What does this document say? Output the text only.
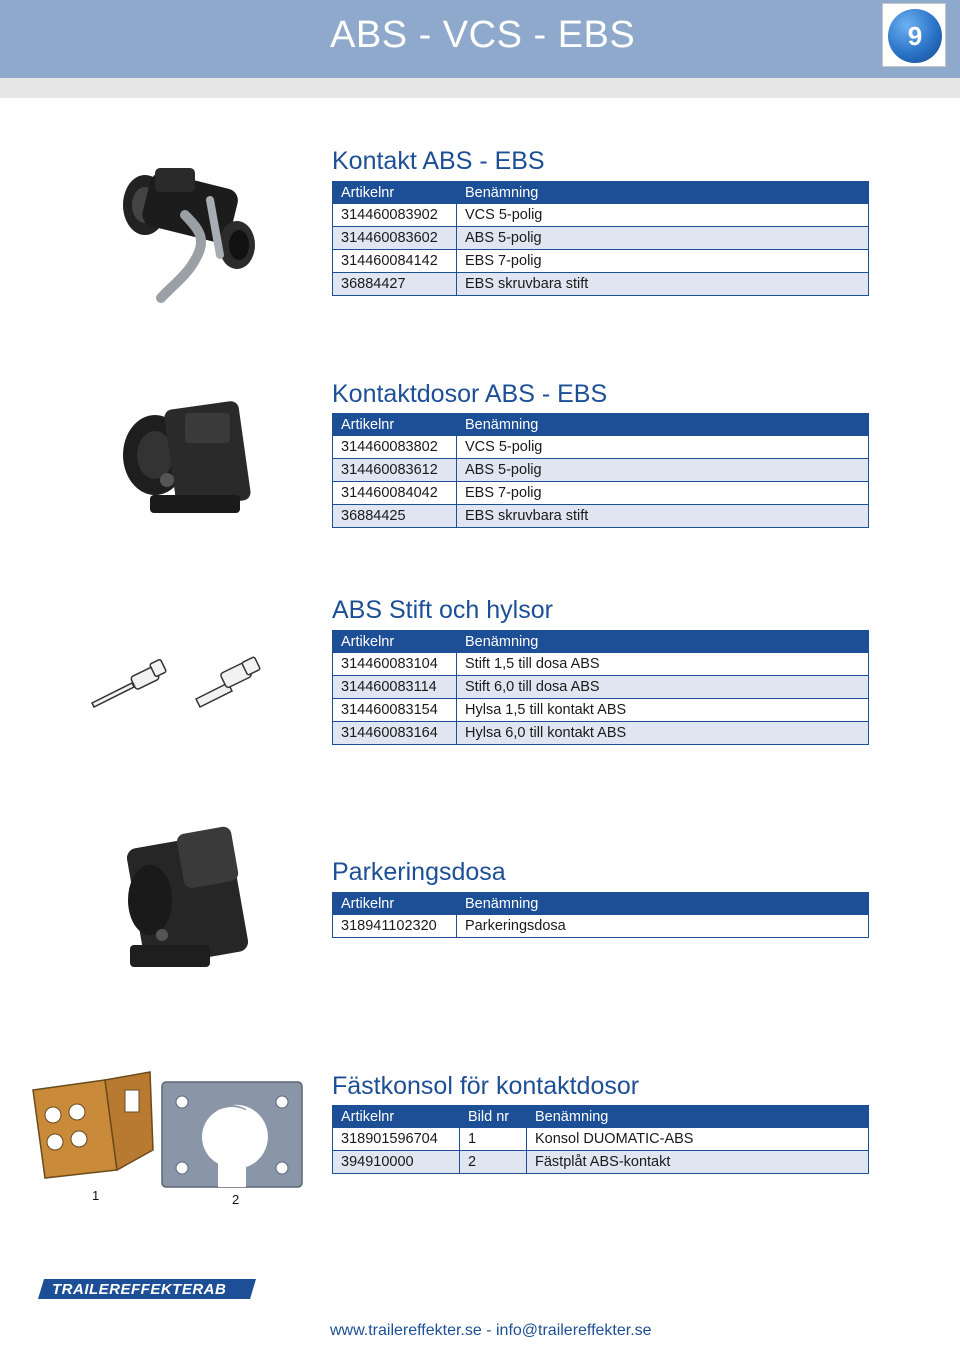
ABS - VCS - EBS	9
Kontakt ABS - EBS
Artikelnr	Benämning
314460083902	VCS 5-polig
314460083602	ABS 5-polig
314460084142	EBS 7-polig
36884427	EBS skruvbara stift
Kontaktdosor ABS - EBS
Artikelnr	Benämning
314460083802	VCS 5-polig
314460083612	ABS 5-polig
314460084042	EBS 7-polig
36884425	EBS skruvbara stift
ABS Stift och hylsor
Artikelnr	Benämning
314460083104	Stift 1,5 till dosa ABS
314460083114	Stift 6,0 till dosa ABS
314460083154	Hylsa 1,5 till kontakt ABS
314460083164	Hylsa 6,0 till kontakt ABS
Parkeringsdosa
Artikelnr	Benämning
318941102320	Parkeringsdosa
1	2
Fästkonsol för kontaktdosor
Artikelnr	Bild nr	Benämning
318901596704	1	Konsol DUOMATIC-ABS
394910000	2	Fästplåt ABS-kontakt
TRAILEREFFEKTERAB
www.trailereffekter.se - info@trailereffekter.se
